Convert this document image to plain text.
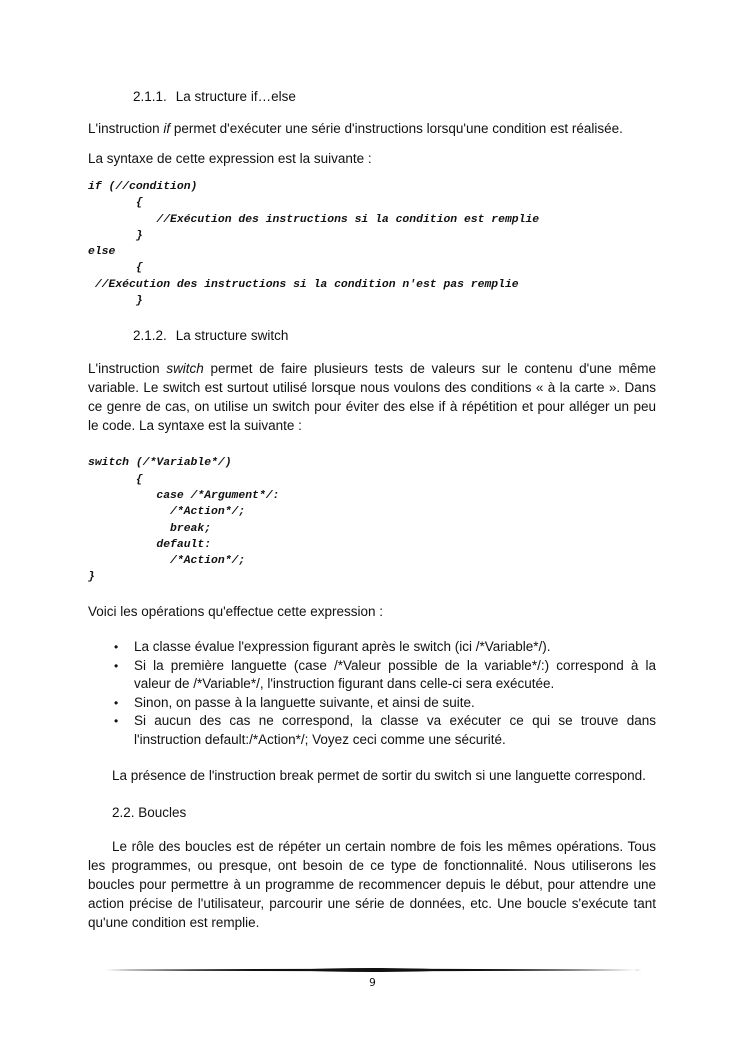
2.1.1. La structure if…else

L'instruction if permet d'exécuter une série d'instructions lorsqu'une condition est réalisée.

La syntaxe de cette expression est la suivante :

if (//condition)
{
//Exécution des instructions si la condition est remplie
}
else
{
//Exécution des instructions si la condition n'est pas remplie
}
2.1.2. La structure switch

L'instruction switch permet de faire plusieurs tests de valeurs sur le contenu d'une même variable. Le switch est surtout utilisé lorsque nous voulons des conditions « à la carte ». Dans ce genre de cas, on utilise un switch pour éviter des else if à répétition et pour alléger un peu le code. La syntaxe est la suivante :

switch (/*Variable*/)
{
case /*Argument*/:
/*Action*/;
break;
default:
/*Action*/;
}

Voici les opérations qu'effectue cette expression :

• La classe évalue l'expression figurant après le switch (ici /*Variable*/).
• Si la première languette (case /*Valeur possible de la variable*/:) correspond à la valeur de /*Variable*/, l'instruction figurant dans celle-ci sera exécutée.
• Sinon, on passe à la languette suivante, et ainsi de suite.
• Si aucun des cas ne correspond, la classe va exécuter ce qui se trouve dans l'instruction default:/*Action*/; Voyez ceci comme une sécurité.

La présence de l'instruction break permet de sortir du switch si une languette correspond.

2.2. Boucles

Le rôle des boucles est de répéter un certain nombre de fois les mêmes opérations. Tous les programmes, ou presque, ont besoin de ce type de fonctionnalité. Nous utiliserons les boucles pour permettre à un programme de recommencer depuis le début, pour attendre une action précise de l'utilisateur, parcourir une série de données, etc. Une boucle s'exécute tant qu'une condition est remplie.

9
